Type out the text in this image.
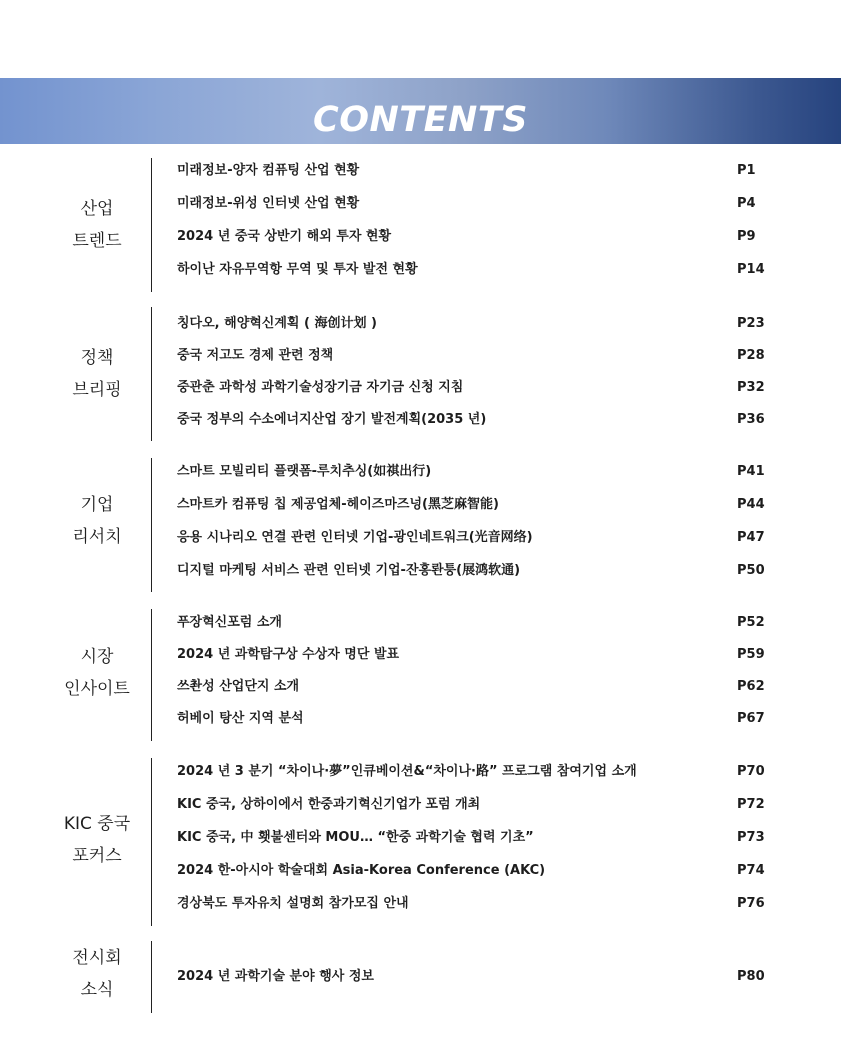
CONTENTS
산업
트렌드
미래정보-양자 컴퓨팅 산업 현황	P1
미래정보-위성 인터넷 산업 현황	P4
2024 년 중국 상반기 해외 투자 현황	P9
하이난 자유무역항 무역 및 투자 발전 현황	P14
정책
브리핑
칭다오, 해양혁신계획 ( 海创计划 )	P23
중국 저고도 경제 관련 정책	P28
중관춘 과학성 과학기술성장기금 자기금 신청 지침	P32
중국 정부의 수소에너지산업 장기 발전계획(2035 년)	P36
기업
리서치
스마트 모빌리티 플랫폼-루치추싱(如祺出行)	P41
스마트카 컴퓨팅 칩 제공업체-헤이즈마즈넝(黑芝麻智能)	P44
응용 시나리오 연결 관련 인터넷 기업-광인네트워크(光音网络)	P47
디지털 마케팅 서비스 관련 인터넷 기업-잔홍롼퉁(展鸿软通)	P50
시장
인사이트
푸장혁신포럼 소개	P52
2024 년 과학탐구상 수상자 명단 발표	P59
쓰촨성 산업단지 소개	P62
허베이 탕산 지역 분석	P67
KIC 중국
포커스
2024 년 3 분기 “차이나·夢”인큐베이션&“차이나·路” 프로그램 참여기업 소개	P70
KIC 중국, 상하이에서 한중과기혁신기업가 포럼 개최	P72
KIC 중국, 中 횃불센터와 MOU… “한중 과학기술 협력 기초”	P73
2024 한-아시아 학술대회 Asia-Korea Conference (AKC)	P74
경상북도 투자유치 설명회 참가모집 안내	P76
전시회
소식
2024 년 과학기술 분야 행사 정보	P80
